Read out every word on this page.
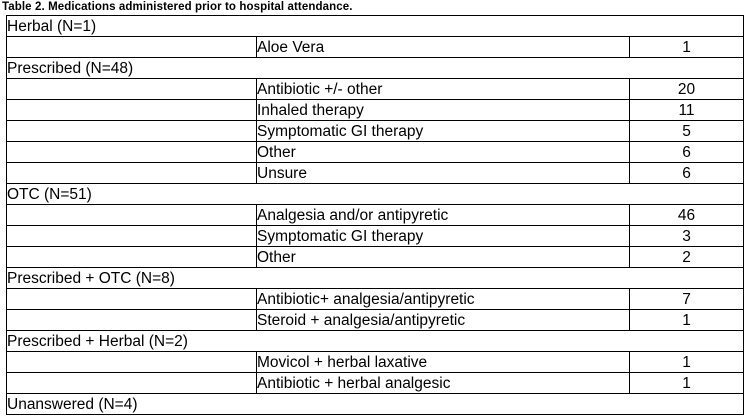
Table 2. Medications administered prior to hospital attendance.
Herbal (N=1)		
	Aloe Vera	1
Prescribed (N=48)		
	Antibiotic +/- other	20
	Inhaled therapy	11
	Symptomatic GI therapy	5
	Other	6
	Unsure	6
OTC (N=51)		
	Analgesia and/or antipyretic	46
	Symptomatic GI therapy	3
	Other	2
Prescribed + OTC (N=8)		
	Antibiotic+ analgesia/antipyretic	7
	Steroid + analgesia/antipyretic	1
Prescribed + Herbal (N=2)		
	Movicol + herbal laxative	1
	Antibiotic + herbal analgesic	1
Unanswered (N=4)		
